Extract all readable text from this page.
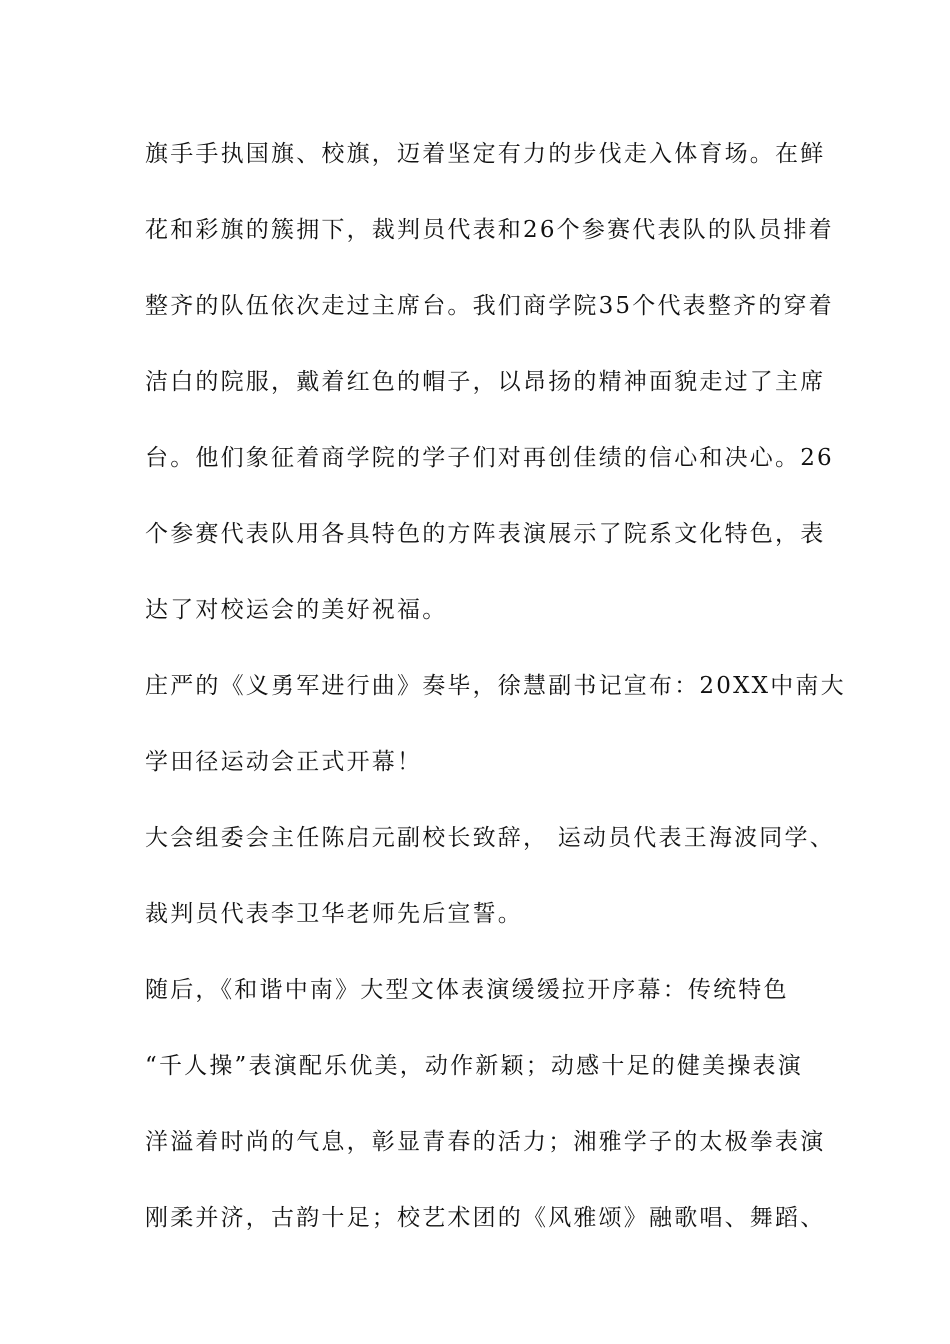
旗手手执国旗、校旗，迈着坚定有力的步伐走入体育场。在鲜
花和彩旗的簇拥下，裁判员代表和26个参赛代表队的队员排着
整齐的队伍依次走过主席台。我们商学院35个代表整齐的穿着
洁白的院服，戴着红色的帽子，以昂扬的精神面貌走过了主席
台。他们象征着商学院的学子们对再创佳绩的信心和决心。26
个参赛代表队用各具特色的方阵表演展示了院系文化特色，表
达了对校运会的美好祝福。
庄严的《义勇军进行曲》奏毕，徐慧副书记宣布：20XX中南大
学田径运动会正式开幕！
大会组委会主任陈启元副校长致辞， 运动员代表王海波同学、
裁判员代表李卫华老师先后宣誓。
随后，《和谐中南》大型文体表演缓缓拉开序幕：传统特色
“千人操”表演配乐优美，动作新颖；动感十足的健美操表演
洋溢着时尚的气息，彰显青春的活力；湘雅学子的太极拳表演
刚柔并济，古韵十足；校艺术团的《风雅颂》融歌唱、舞蹈、
